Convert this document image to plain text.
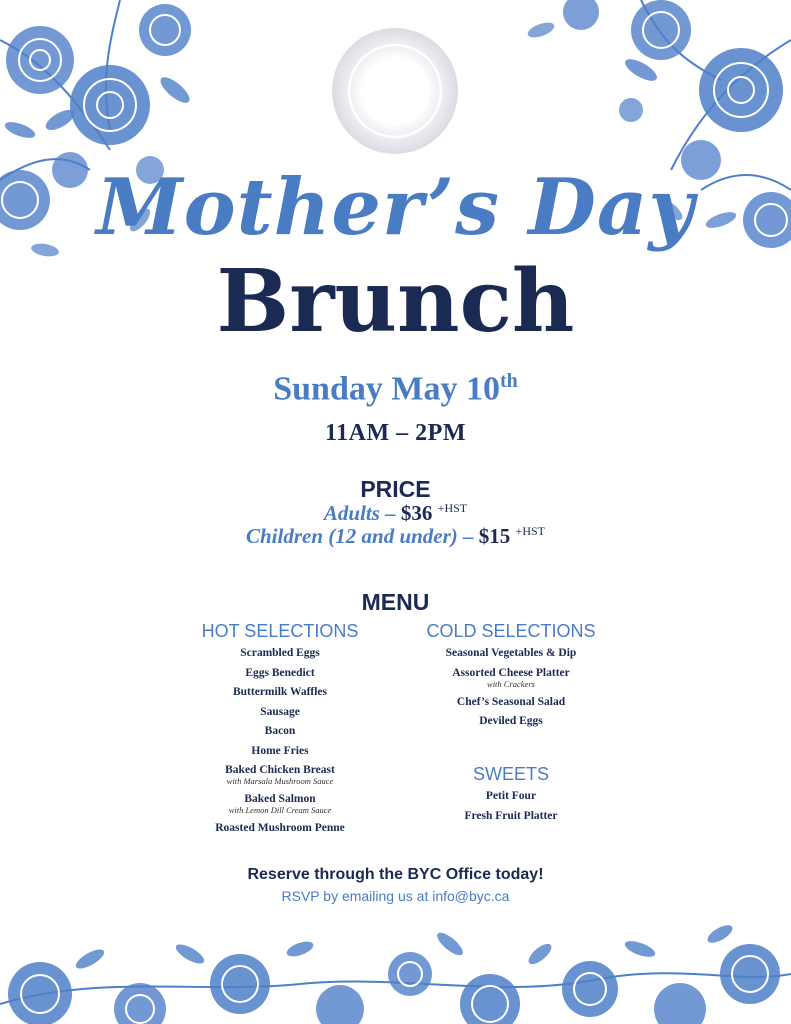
Mother’s Day
Brunch
Sunday May 10th
11AM – 2PM
PRICE
Adults – $36 $^{+HST}$
Children (12 and under) – $15 $^{+HST}$
MENU
HOT SELECTIONS
Scrambled Eggs
Eggs Benedict
Buttermilk Waffles
Sausage
Bacon
Home Fries
Baked Chicken Breast
with Marsala Mushroom Sauce
Baked Salmon
with Lemon Dill Cream Sauce
Roasted Mushroom Penne
COLD SELECTIONS
Seasonal Vegetables & Dip
Assorted Cheese Platter
with Crackers
Chef’s Seasonal Salad
Deviled Eggs
SWEETS
Petit Four
Fresh Fruit Platter
Reserve through the BYC Office today!
RSVP by emailing us at info@byc.ca
